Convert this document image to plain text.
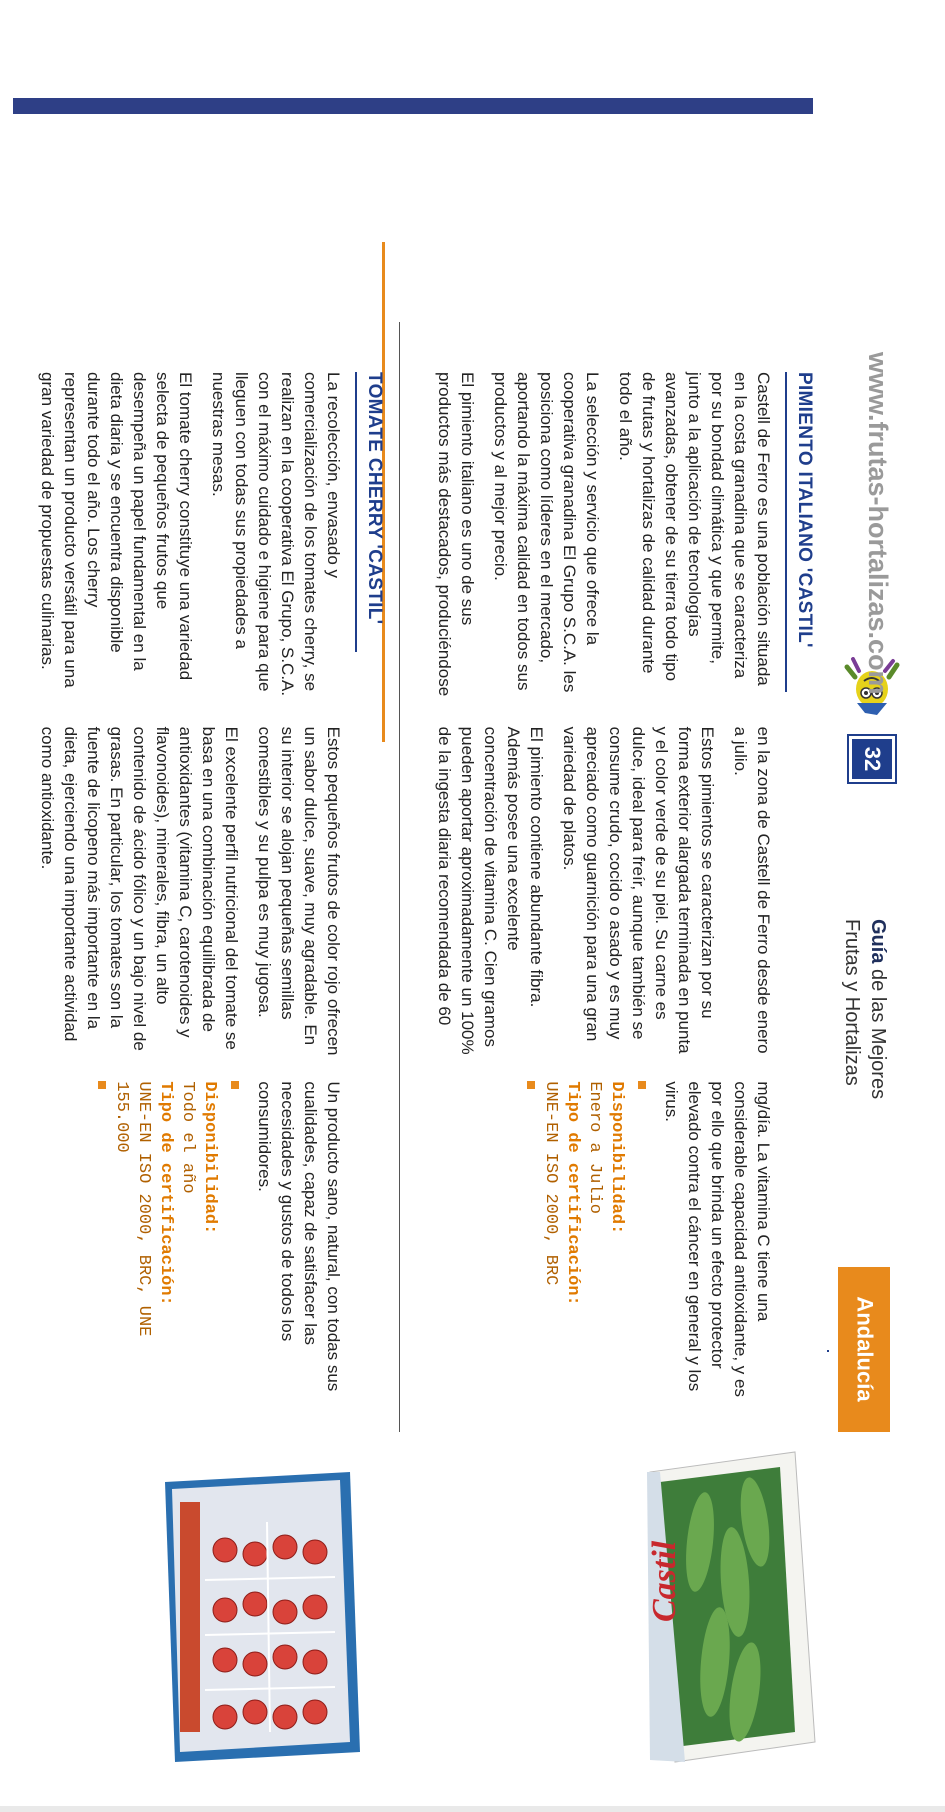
Andalucía
Guía de las Mejores
Frutas y Hortalizas
32
www.frutas-hortalizas.com
Castil
PIMIENTO ITALIANO 'CASTIL'

Castell de Ferro es una población situada en la costa granadina que se caracteriza por su bondad climática y que permite, junto a la aplicación de tecnologías avanzadas, obtener de su tierra todo tipo de frutas y hortalizas de calidad durante todo el año.

La selección y servicio que ofrece la cooperativa granadina El Grupo S.C.A. les posiciona como líderes en el mercado, aportando la máxima calidad en todos sus productos y al mejor precio.

El pimiento italiano es uno de sus productos más destacados, produciéndose en la zona de Castell de Ferro desde enero a julio.

Estos pimientos se caracterizan por su forma exterior alargada terminada en punta y el color verde de su piel. Su carne es dulce, ideal para freír, aunque también se consume crudo, cocido o asado y es muy apreciado como guarnición para una gran variedad de platos.

El pimiento contiene abundante fibra. Además posee una excelente concentración de vitamina C. Cien gramos pueden aportar aproximadamente un 100% de la ingesta diaria recomendada de 60 mg/día. La vitamina C tiene una considerable capacidad antioxidante, y es por ello que brinda un efecto protector elevado contra el cáncer en general y los virus.

Disponibilidad:
Enero a Julio
Tipo de certificación:
UNE-EN ISO 2000, BRC
TOMATE CHERRY 'CASTIL'

La recolección, envasado y comercialización de los tomates cherry, se realizan en la cooperativa El Grupo, S.C.A. con el máximo cuidado e higiene para que lleguen con todas sus propiedades a nuestras mesas.

El tomate cherry constituye una variedad selecta de pequeños frutos que desempeña un papel fundamental en la dieta diaria y se encuentra disponible durante todo el año. Los cherry representan un producto versátil para una gran variedad de propuestas culinarias.

Estos pequeños frutos de color rojo ofrecen un sabor dulce, suave, muy agradable. En su interior se alojan pequeñas semillas comestibles y su pulpa es muy jugosa.

El excelente perfil nutricional del tomate se basa en una combinación equilibrada de antioxidantes (vitamina C, carotenoides y flavonoides), minerales, fibra, un alto contenido de ácido fólico y un bajo nivel de grasas. En particular, los tomates son la fuente de licopeno más importante en la dieta, ejerciendo una importante actividad como antioxidante.

Un producto sano, natural, con todas sus cualidades, capaz de satisfacer las necesidades y gustos de todos los consumidores.

Disponibilidad:
Todo el año
Tipo de certificación:
UNE-EN ISO 2000, BRC, UNE 155.000
